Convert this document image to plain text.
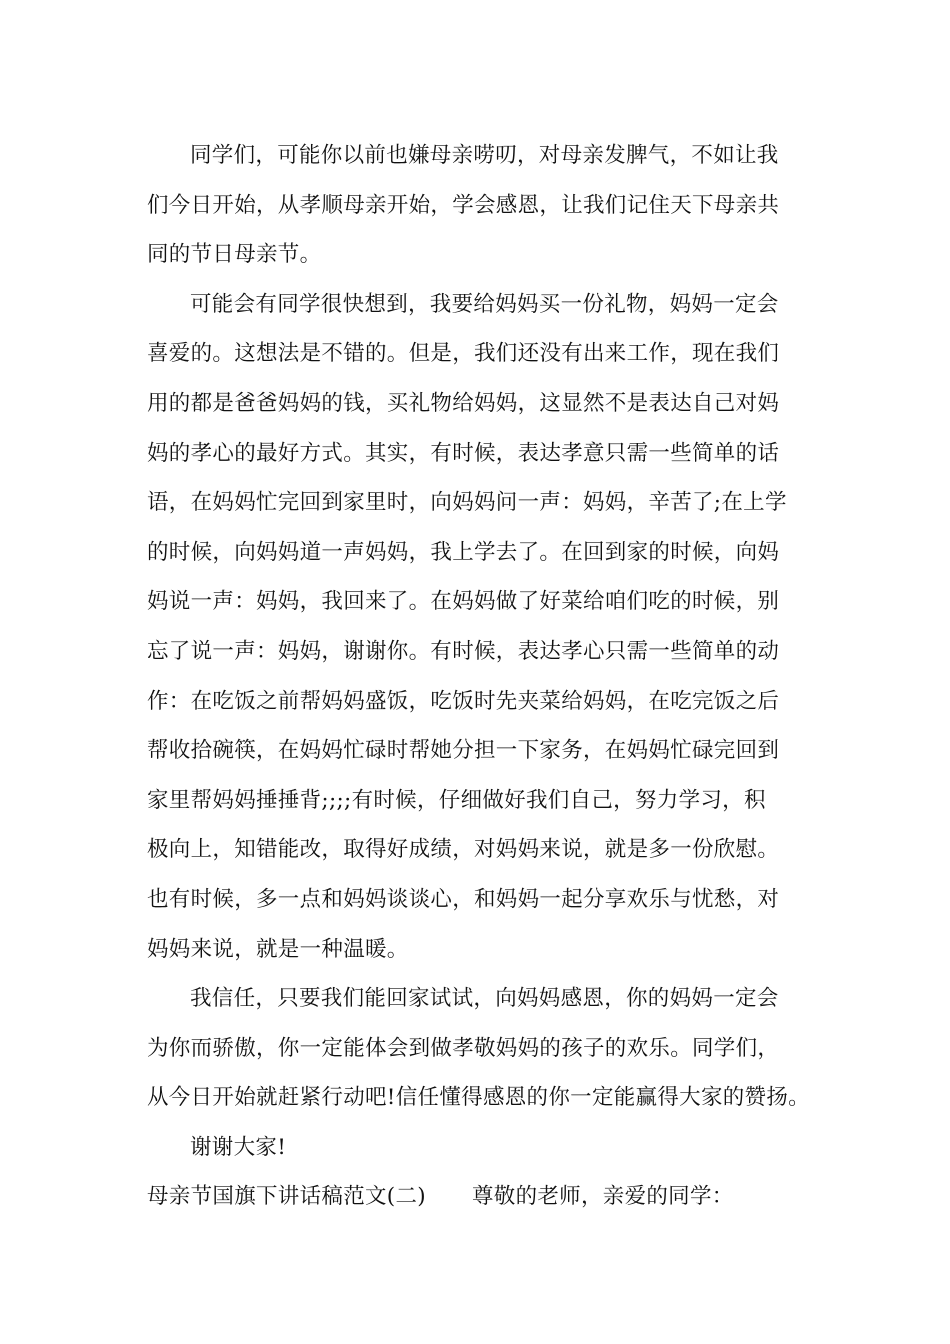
同学们，可能你以前也嫌母亲唠叨，对母亲发脾气，不如让我
们今日开始，从孝顺母亲开始，学会感恩，让我们记住天下母亲共
同的节日母亲节。
可能会有同学很快想到，我要给妈妈买一份礼物，妈妈一定会
喜爱的。这想法是不错的。但是，我们还没有出来工作，现在我们
用的都是爸爸妈妈的钱，买礼物给妈妈，这显然不是表达自己对妈
妈的孝心的最好方式。其实，有时候，表达孝意只需一些简单的话
语，在妈妈忙完回到家里时，向妈妈问一声：妈妈，辛苦了;在上学
的时候，向妈妈道一声妈妈，我上学去了。在回到家的时候，向妈
妈说一声：妈妈，我回来了。在妈妈做了好菜给咱们吃的时候，别
忘了说一声：妈妈，谢谢你。有时候，表达孝心只需一些简单的动
作：在吃饭之前帮妈妈盛饭，吃饭时先夹菜给妈妈，在吃完饭之后
帮收拾碗筷，在妈妈忙碌时帮她分担一下家务，在妈妈忙碌完回到
家里帮妈妈捶捶背;;;;有时候，仔细做好我们自己，努力学习，积
极向上，知错能改，取得好成绩，对妈妈来说，就是多一份欣慰。
也有时候，多一点和妈妈谈谈心，和妈妈一起分享欢乐与忧愁，对
妈妈来说，就是一种温暖。
我信任，只要我们能回家试试，向妈妈感恩，你的妈妈一定会
为你而骄傲，你一定能体会到做孝敬妈妈的孩子的欢乐。同学们，
从今日开始就赶紧行动吧!信任懂得感恩的你一定能赢得大家的赞扬。
谢谢大家!
母亲节国旗下讲话稿范文(二) 尊敬的老师，亲爱的同学：
